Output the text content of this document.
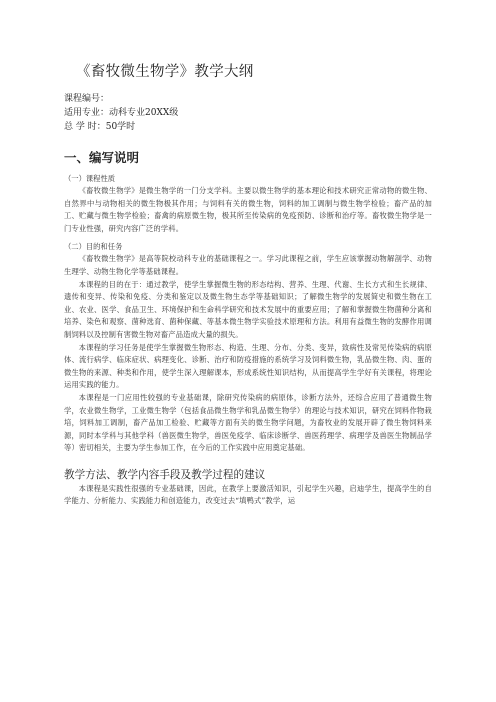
《畜牧微生物学》教学大纲
课程编号：
适用专业：动科专业20XX级
总 学 时：50学时
一、编写说明
（一）课程性质

《畜牧微生物学》是微生物学的一门分支学科。主要以微生物学的基本理论和技术研究正常动物的微生物、自然界中与动物相关的微生物极其作用；与饲料有关的微生物，饲料的加工调制与微生物学检验；畜产品的加工、贮藏与微生物学检验；畜禽的病原微生物，极其所至传染病的免疫预防、诊断和治疗等。畜牧微生物学是一门专业性强，研究内容广泛的学科。

（二）目的和任务

《畜牧微生物学》是高等院校动科专业的基础课程之一。学习此课程之前，学生应该掌握动物解剖学、动物生理学、动物生物化学等基础课程。

本课程的目的在于：通过教学，使学生掌握微生物的形态结构、营养、生理、代谢、生长方式和生长规律、遗传和变异、传染和免疫、分类和鉴定以及微生物生态学等基础知识；了解微生物学的发展简史和微生物在工业、农业、医学、食品卫生、环境保护和生命科学研究和技术发展中的重要应用；了解和掌握微生物菌种分离和培养、染色和观察、菌种选育、菌种保藏、等基本微生物学实验技术原理和方法。利用有益微生物的发酵作用调制饲料以及控制有害微生物对畜产品造成大量的损失。

本课程的学习任务是使学生掌握微生物形态、构造、生理、分布、分类、变异，致病性及常见传染病的病原体、流行病学、临床症状、病理变化、诊断、治疗和防疫措施的系统学习及饲料微生物，乳品微生物、肉、蛋的微生物的来源、种类和作用，使学生深入理解课本，形成系统性知识结构，从而提高学生学好有关课程，将理论运用实践的能力。

本课程是一门应用性较强的专业基础课，除研究传染病的病原体，诊断方法外，还综合应用了普通微生物学，农业微生物学，工业微生物学（包括食品微生物学和乳品微生物学）的理论与技术知识，研究在饲料作物栽培，饲料加工调制，畜产品加工检验、贮藏等方面有关的微生物学问题，为畜牧业的发展开辟了微生物饲料来源，同时本学科与其他学科（兽医微生物学，兽医免疫学、临床诊断学、兽医药理学、病理学及兽医生物制品学等）密切相关，主要为学生参加工作，在今后的工作实践中应用奠定基础。

教学方法、教学内容手段及教学过程的建议

本课程是实践性很强的专业基础课，因此，在教学上要激活知识，引起学生兴趣，启迪学生，提高学生的自学能力、分析能力、实践能力和创造能力，改变过去“填鸭式”教学，运
